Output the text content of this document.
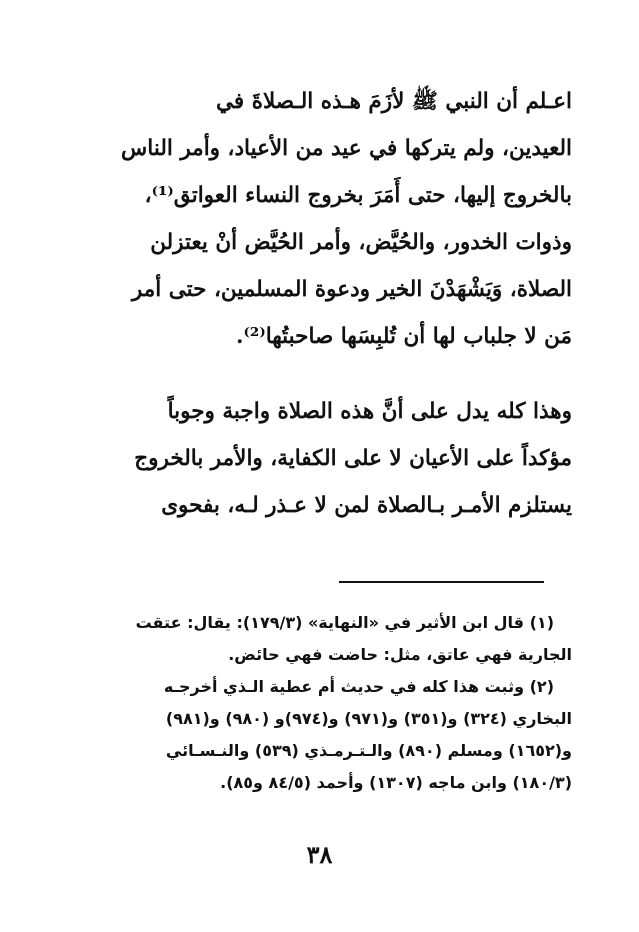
اعـلم أن النبي ﷺ لأزَمَ هـذه الـصلاةَ في
العيدين، ولم يتركها في عيد من الأعياد، وأمر الناس
بالخروج إليها، حتى أَمَرَ بخروج النساء العواتق⁽¹⁾،
وذوات الخدور، والحُيَّض، وأمر الحُيَّض أنْ يعتزلن
الصلاة، وَيَشْهَدْنَ الخير ودعوة المسلمين، حتى أمر
مَن لا جلباب لها أن تُلبِسَها صاحبتُها⁽²⁾.
وهذا كله يدل على أنَّ هذه الصلاة واجبة وجوباً
مؤكداً على الأعيان لا على الكفاية، والأمر بالخروج
يستلزم الأمـر بـالصلاة لمن لا عـذر لـه، بفحوى
(١) قال ابن الأثير في «النهاية» (١٧٩/٣): يقال: عتقت
الجارية فهي عاتق، مثل: حاضت فهي حائض.
(٢) وثبت هذا كله في حديث أم عطية الـذي أخرجـه
البخاري (٣٢٤) و(٣٥١) و(٩٧١) و(٩٧٤)و (٩٨٠) و(٩٨١)
و(١٦٥٢) ومسلم (٨٩٠) والـتـرمـذي (٥٣٩) والنـسـائي
(١٨٠/٣) وابن ماجه (١٣٠٧) وأحمد (٨٤/٥ و٨٥).
٣٨
